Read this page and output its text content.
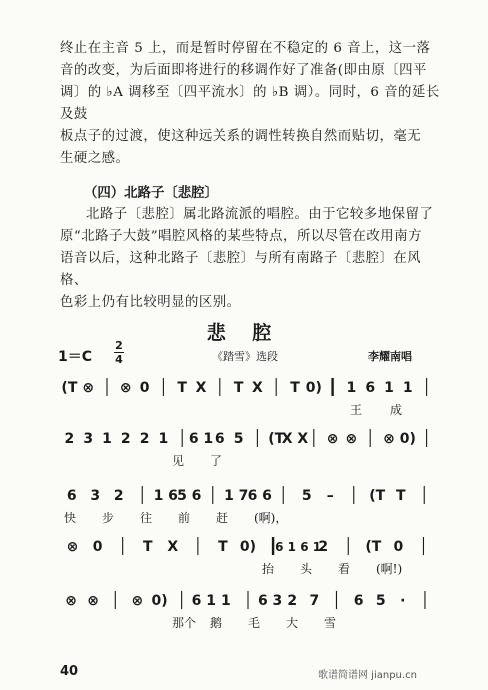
终止在主音 5 上，而是暂时停留在不稳定的 6 音上，这一落

音的改变，为后面即将进行的移调作好了准备(即由原〔四平

调〕的 ♭A 调移至〔四平流水〕的 ♭B 调）。同时，6 音的延长及鼓

板点子的过渡，使这种远关系的调性转换自然而贴切，毫无

生硬之感。

（四）北路子〔悲腔〕

北路子〔悲腔〕属北路流派的唱腔。由于它较多地保留了

原“北路子大鼓”唱腔风格的某些特点，所以尽管在改用南方

语音以后，这种北路子〔悲腔〕与所有南路子〔悲腔〕在风格、

色彩上仍有比较明显的区别。

悲 腔
1＝C
2
4	《踏雪》选段	李耀南唱
(T ⊗ ⊗ 0 T X T X T 0) 1 6 1 1
王 成
2 3 1 2 2 1 6 1 6 5 (T
X X ⊗ ⊗ ⊗ 0)
见 了
6 3 2 1 6 5 6 1 7 6 6 5 –	(T T
快 步 往 前 赶 (啊)，
⊗ 0	T X	T 0) 6 1 6 1
2	(T 0
抬 头 看 (啊!)
⊗ ⊗ ⊗ 0) 6 1 1 6 3 2 7 6 5 ·
那个 鹅 毛 大 雪
40	歌谱简谱网 jianpu.cn
